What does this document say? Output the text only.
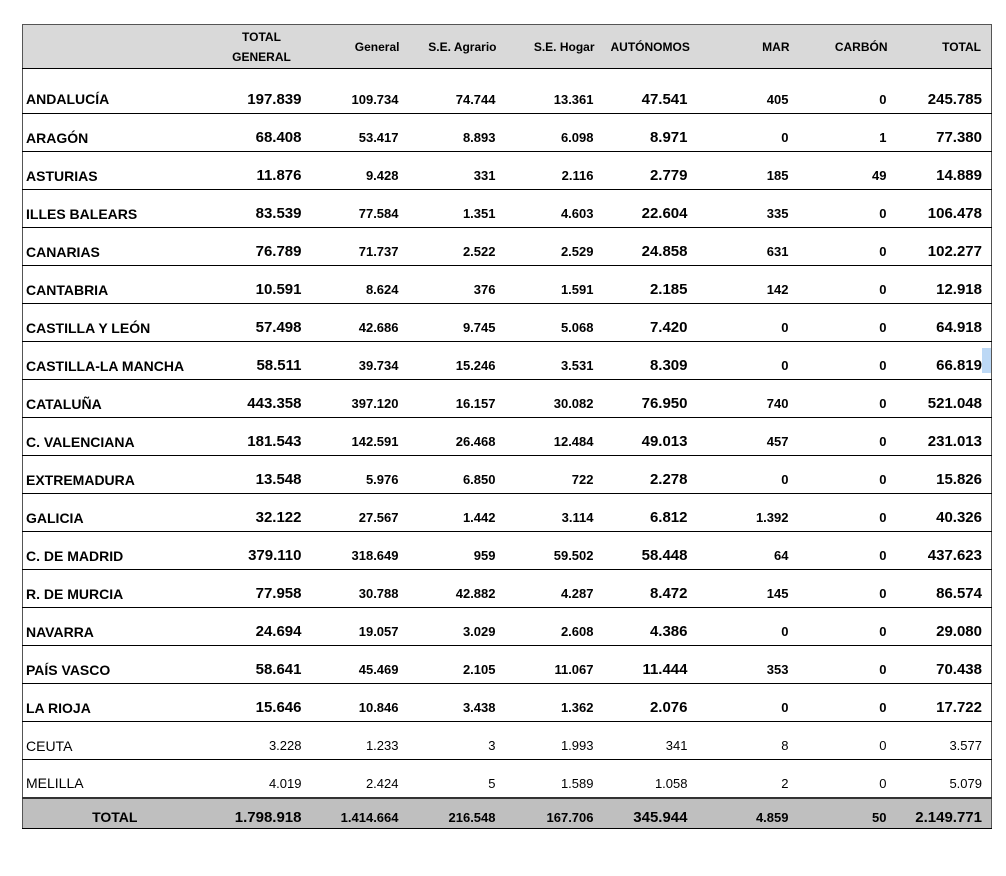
	TOTAL GENERAL	General	S.E. Agrario	S.E. Hogar	AUTÓNOMOS	MAR	CARBÓN	TOTAL
ANDALUCÍA	197.839	109.734	74.744	13.361	47.541	405	0	245.785
ARAGÓN	68.408	53.417	8.893	6.098	8.971	0	1	77.380
ASTURIAS	11.876	9.428	331	2.116	2.779	185	49	14.889
ILLES BALEARS	83.539	77.584	1.351	4.603	22.604	335	0	106.478
CANARIAS	76.789	71.737	2.522	2.529	24.858	631	0	102.277
CANTABRIA	10.591	8.624	376	1.591	2.185	142	0	12.918
CASTILLA Y LEÓN	57.498	42.686	9.745	5.068	7.420	0	0	64.918
CASTILLA-LA MANCHA	58.511	39.734	15.246	3.531	8.309	0	0	66.819
CATALUÑA	443.358	397.120	16.157	30.082	76.950	740	0	521.048
C. VALENCIANA	181.543	142.591	26.468	12.484	49.013	457	0	231.013
EXTREMADURA	13.548	5.976	6.850	722	2.278	0	0	15.826
GALICIA	32.122	27.567	1.442	3.114	6.812	1.392	0	40.326
C. DE MADRID	379.110	318.649	959	59.502	58.448	64	0	437.623
R. DE MURCIA	77.958	30.788	42.882	4.287	8.472	145	0	86.574
NAVARRA	24.694	19.057	3.029	2.608	4.386	0	0	29.080
PAÍS VASCO	58.641	45.469	2.105	11.067	11.444	353	0	70.438
LA RIOJA	15.646	10.846	3.438	1.362	2.076	0	0	17.722
CEUTA	3.228	1.233	3	1.993	341	8	0	3.577
MELILLA	4.019	2.424	5	1.589	1.058	2	0	5.079
TOTAL	1.798.918	1.414.664	216.548	167.706	345.944	4.859	50	2.149.771
